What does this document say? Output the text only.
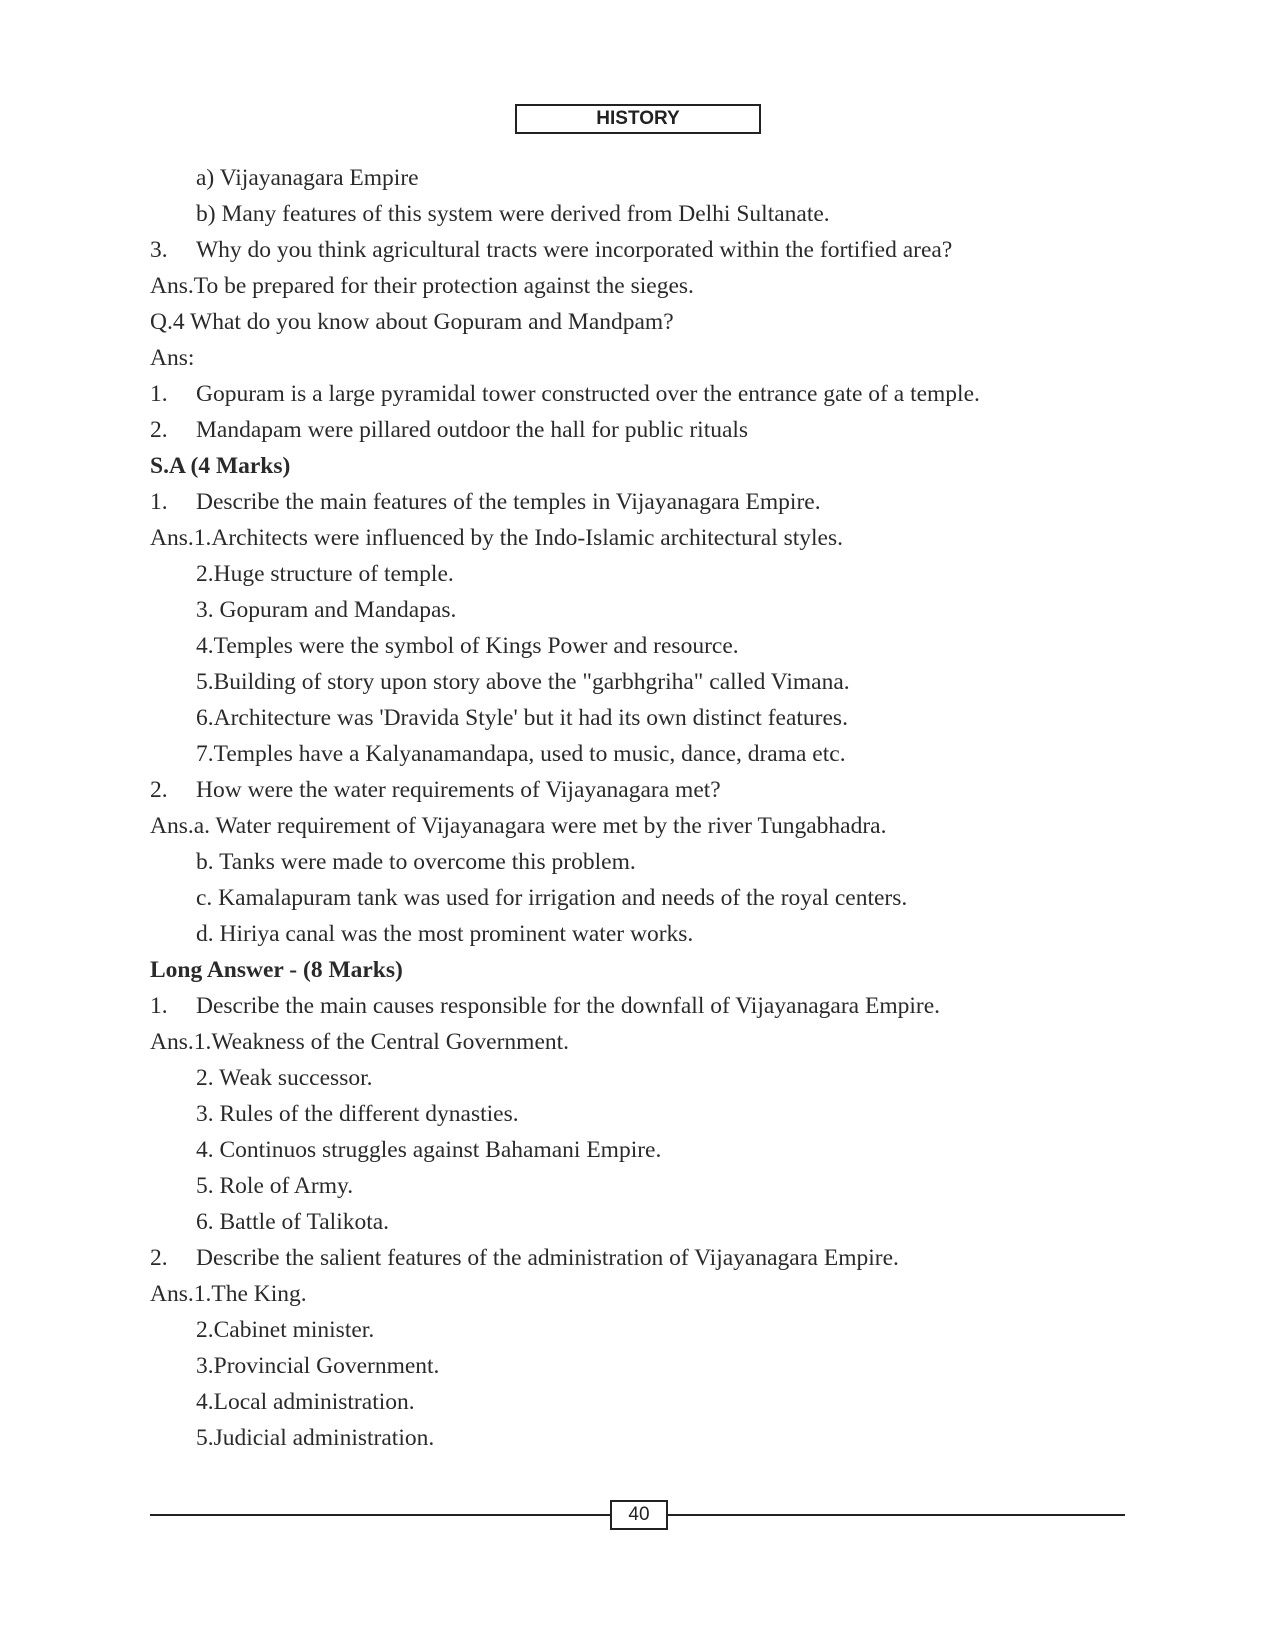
HISTORY
a) Vijayanagara Empire
b) Many features of this system were derived from Delhi Sultanate.
3. Why do you think agricultural tracts were incorporated within the fortified area?
Ans.To be prepared for their protection against the sieges.
Q.4 What do you know about Gopuram and Mandpam?
Ans:
1. Gopuram is a large pyramidal tower constructed over the entrance gate of a temple.
2. Mandapam were pillared outdoor the hall for public rituals
S.A (4 Marks)
1. Describe the main features of the temples in Vijayanagara Empire.
Ans.1.Architects were influenced by the Indo-Islamic architectural styles.
2.Huge structure of temple.
3. Gopuram and Mandapas.
4.Temples were the symbol of Kings Power and resource.
5.Building of story upon story above the "garbhgriha" called Vimana.
6.Architecture was 'Dravida Style' but it had its own distinct features.
7.Temples have a Kalyanamandapa, used to music, dance, drama etc.
2. How were the water requirements of Vijayanagara met?
Ans.a. Water requirement of Vijayanagara were met by the river Tungabhadra.
b. Tanks were made to overcome this problem.
c. Kamalapuram tank was used for irrigation and needs of the royal centers.
d. Hiriya canal was the most prominent water works.
Long Answer - (8 Marks)
1. Describe the main causes responsible for the downfall of Vijayanagara Empire.
Ans.1.Weakness of the Central Government.
2. Weak successor.
3. Rules of the different dynasties.
4. Continuos struggles against Bahamani Empire.
5. Role of Army.
6. Battle of Talikota.
2. Describe the salient features of the administration of Vijayanagara Empire.
Ans.1.The King.
2.Cabinet minister.
3.Provincial Government.
4.Local administration.
5.Judicial administration.
40
